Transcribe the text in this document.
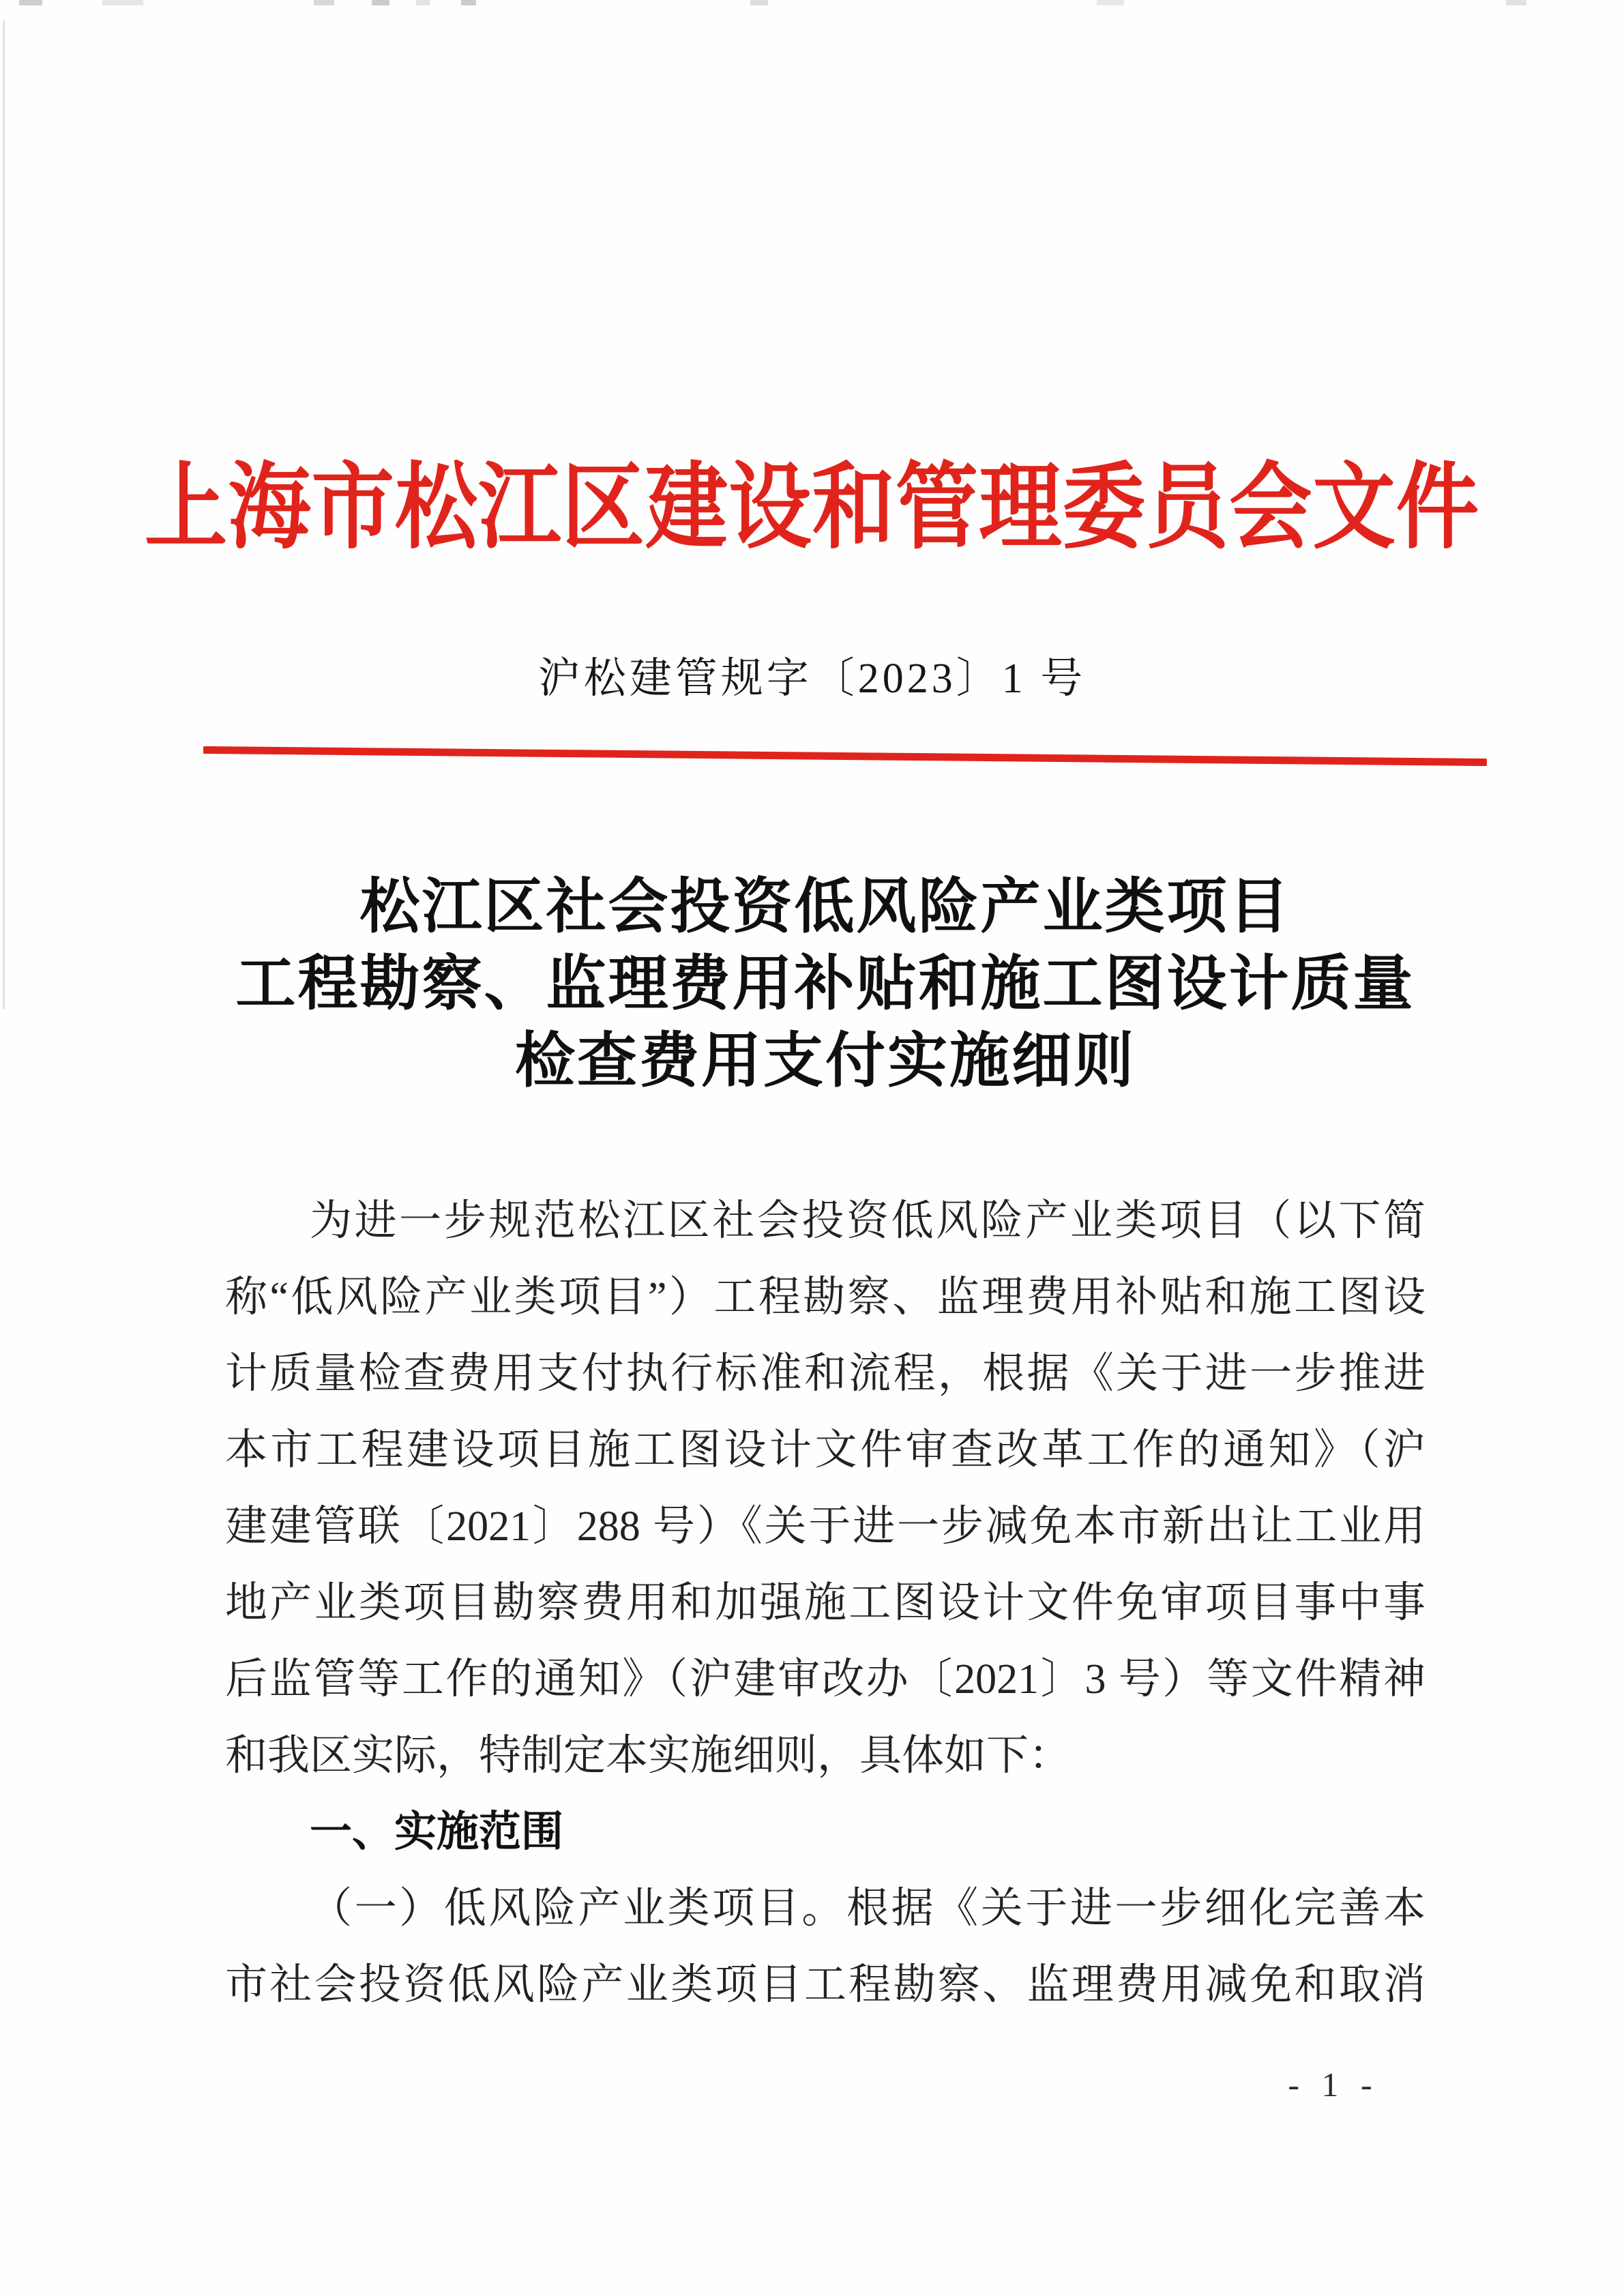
上海市松江区建设和管理委员会文件
沪松建管规字〔2023〕1 号
松江区社会投资低风险产业类项目
工程勘察、监理费用补贴和施工图设计质量
检查费用支付实施细则
为进一步规范松江区社会投资低风险产业类项目（以下简
称“低风险产业类项目”）工程勘察、监理费用补贴和施工图设
计质量检查费用支付执行标准和流程，根据《关于进一步推进
本市工程建设项目施工图设计文件审查改革工作的通知》（沪
建建管联〔2021〕288 号）《关于进一步减免本市新出让工业用
地产业类项目勘察费用和加强施工图设计文件免审项目事中事
后监管等工作的通知》（沪建审改办〔2021〕3 号）等文件精神
和我区实际，特制定本实施细则，具体如下：
一、实施范围
（一）低风险产业类项目。根据《关于进一步细化完善本
市社会投资低风险产业类项目工程勘察、监理费用减免和取消
- 1 -
